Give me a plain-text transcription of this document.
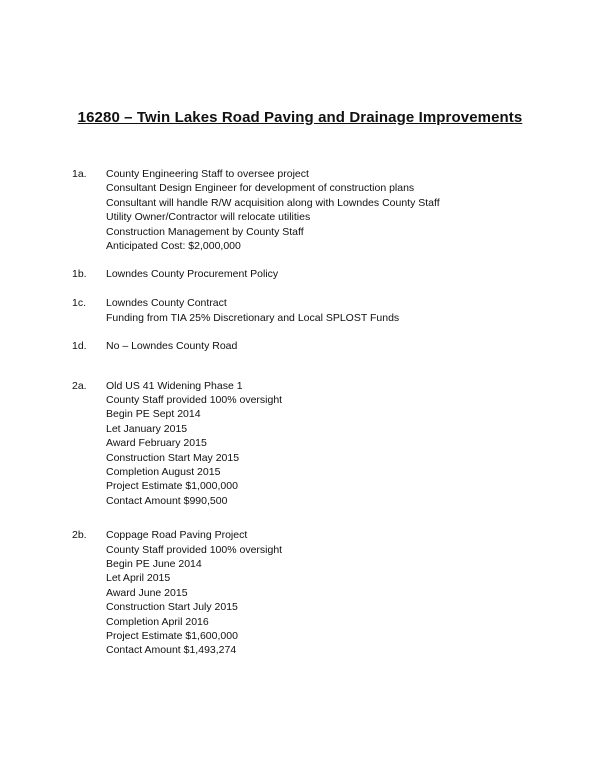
16280 – Twin Lakes Road Paving and Drainage Improvements
1a.	County Engineering Staff to oversee project
Consultant Design Engineer for development of construction plans
Consultant will handle R/W acquisition along with Lowndes County Staff
Utility Owner/Contractor will relocate utilities
Construction Management by County Staff
Anticipated Cost: $2,000,000
1b.	Lowndes County Procurement Policy
1c.	Lowndes County Contract
Funding from TIA 25% Discretionary and Local SPLOST Funds
1d.	No – Lowndes County Road
2a.	Old US 41 Widening Phase 1
County Staff provided 100% oversight
Begin PE Sept 2014
Let January 2015
Award February 2015
Construction Start May 2015
Completion August 2015
Project Estimate $1,000,000
Contact Amount $990,500
2b.	Coppage Road Paving Project
County Staff provided 100% oversight
Begin PE June 2014
Let April 2015
Award June 2015
Construction Start July 2015
Completion April 2016
Project Estimate $1,600,000
Contact Amount $1,493,274
